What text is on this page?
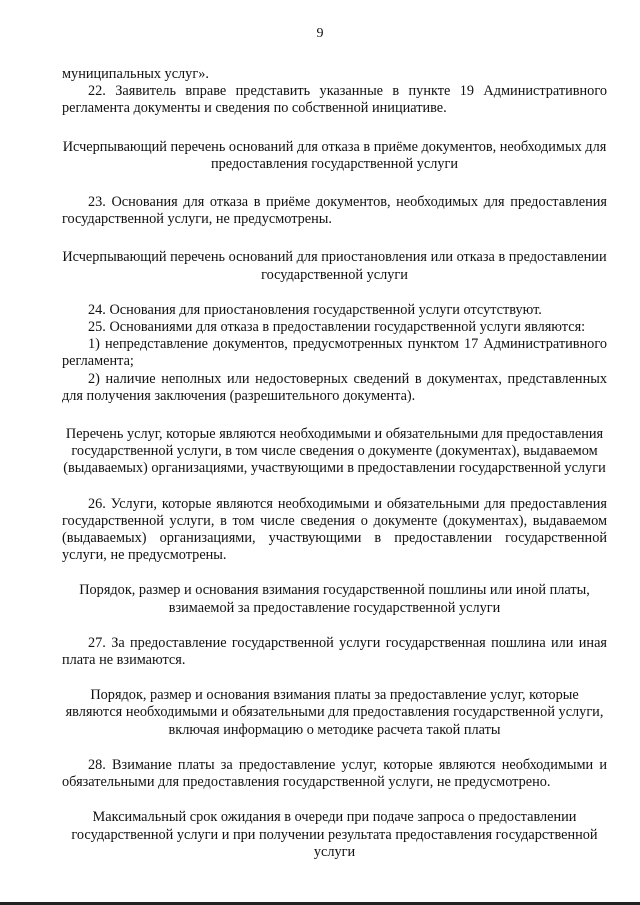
9

муниципальных услуг».

22. Заявитель вправе представить указанные в пункте 19 Административного регламента документы и сведения по собственной инициативе.

Исчерпывающий перечень оснований для отказа в приёме документов, необходимых для предоставления государственной услуги

23. Основания для отказа в приёме документов, необходимых для предоставления государственной услуги, не предусмотрены.

Исчерпывающий перечень оснований для приостановления или отказа в предоставлении государственной услуги

24. Основания для приостановления государственной услуги отсутствуют.

25. Основаниями для отказа в предоставлении государственной услуги являются:

1) непредставление документов, предусмотренных пунктом 17 Административного регламента;

2) наличие неполных или недостоверных сведений в документах, представленных для получения заключения (разрешительного документа).

Перечень услуг, которые являются необходимыми и обязательными для предоставления государственной услуги, в том числе сведения о документе (документах), выдаваемом (выдаваемых) организациями, участвующими в предоставлении государственной услуги

26. Услуги, которые являются необходимыми и обязательными для предоставления государственной услуги, в том числе сведения о документе (документах), выдаваемом (выдаваемых) организациями, участвующими в предоставлении государственной услуги, не предусмотрены.

Порядок, размер и основания взимания государственной пошлины или иной платы, взимаемой за предоставление государственной услуги

27. За предоставление государственной услуги государственная пошлина или иная плата не взимаются.

Порядок, размер и основания взимания платы за предоставление услуг, которые являются необходимыми и обязательными для предоставления государственной услуги, включая информацию о методике расчета такой платы

28. Взимание платы за предоставление услуг, которые являются необходимыми и обязательными для предоставления государственной услуги, не предусмотрено.

Максимальный срок ожидания в очереди при подаче запроса о предоставлении государственной услуги и при получении результата предоставления государственной услуги
